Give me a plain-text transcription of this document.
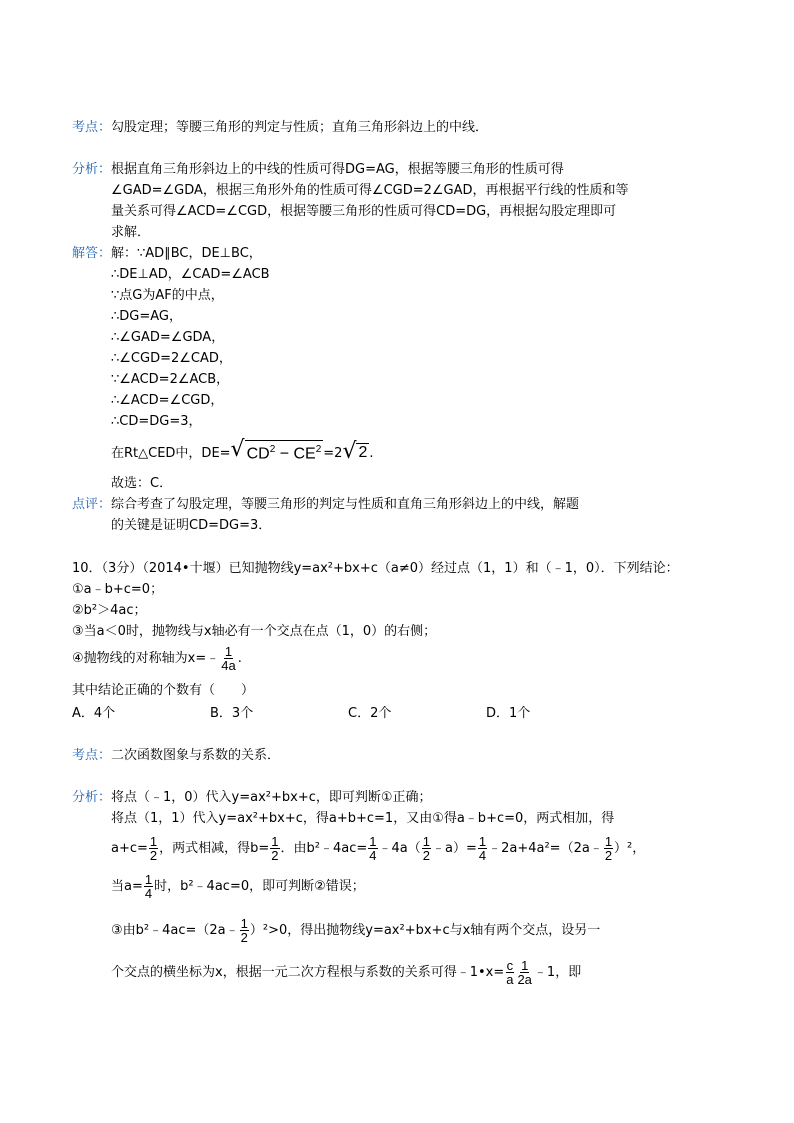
考点：勾股定理；等腰三角形的判定与性质；直角三角形斜边上的中线．
分析：根据直角三角形斜边上的中线的性质可得DG=AG，根据等腰三角形的性质可得
∠GAD=∠GDA，根据三角形外角的性质可得∠CGD=2∠GAD，再根据平行线的性质和等
量关系可得∠ACD=∠CGD，根据等腰三角形的性质可得CD=DG，再根据勾股定理即可
求解．
解答：解：∵AD∥BC，DE⊥BC，
∴DE⊥AD，∠CAD=∠ACB
∵点G为AF的中点，
∴DG=AG，
∴∠GAD=∠GDA，
∴∠CGD=2∠CAD，
∵∠ACD=2∠ACB，
∴∠ACD=∠CGD，
∴CD=DG=3，
在Rt△CED中，DE=√ $CD^2 - CE^2 =2√$ 2 .
故选：C．
点评：综合考查了勾股定理，等腰三角形的判定与性质和直角三角形斜边上的中线，解题
的关键是证明CD=DG=3．
10．（3分）（2014•十堰）已知抛物线y=ax²+bx+c（a≠0）经过点（1，1）和（﹣1，0）．下列结论：
①a﹣b+c=0；
②b²＞4ac；
③当a＜0时，抛物线与x轴必有一个交点在点（1，0）的右侧；
④抛物线的对称轴为x=﹣ $\frac{1}{4a}$ .
其中结论正确的个数有（　　）
A．4个	B．3个	C．2个	D．1个
考点：二次函数图象与系数的关系．
分析：将点（﹣1，0）代入y=ax²+bx+c，即可判断①正确；
将点（1，1）代入y=ax²+bx+c，得a+b+c=1，又由①得a﹣b+c=0，两式相加，得
$a+c= \frac{1}{2}$ ，两式相减，得$b= \frac{1}{2}$ ．由b²﹣4ac= $\frac{1}{4}$ ﹣4a（ $\frac{1}{2}$ ﹣a）= $\frac{1}{4}$ ﹣2a+4a²=（2a﹣ $\frac{1}{2} )^2$，
当$a= \frac{1}{4}$ 时，b²﹣4ac=0，即可判断②错误；
③由b²﹣4ac=（2a﹣ $\frac{1}{2} )^2>0$，得出抛物线y=ax²+bx+c与x轴有两个交点，设另一
个交点的横坐标为x，根据一元二次方程根与系数的关系可得﹣1•x= $\frac{c}{a} \frac{1}{2a}$ ﹣1，即
